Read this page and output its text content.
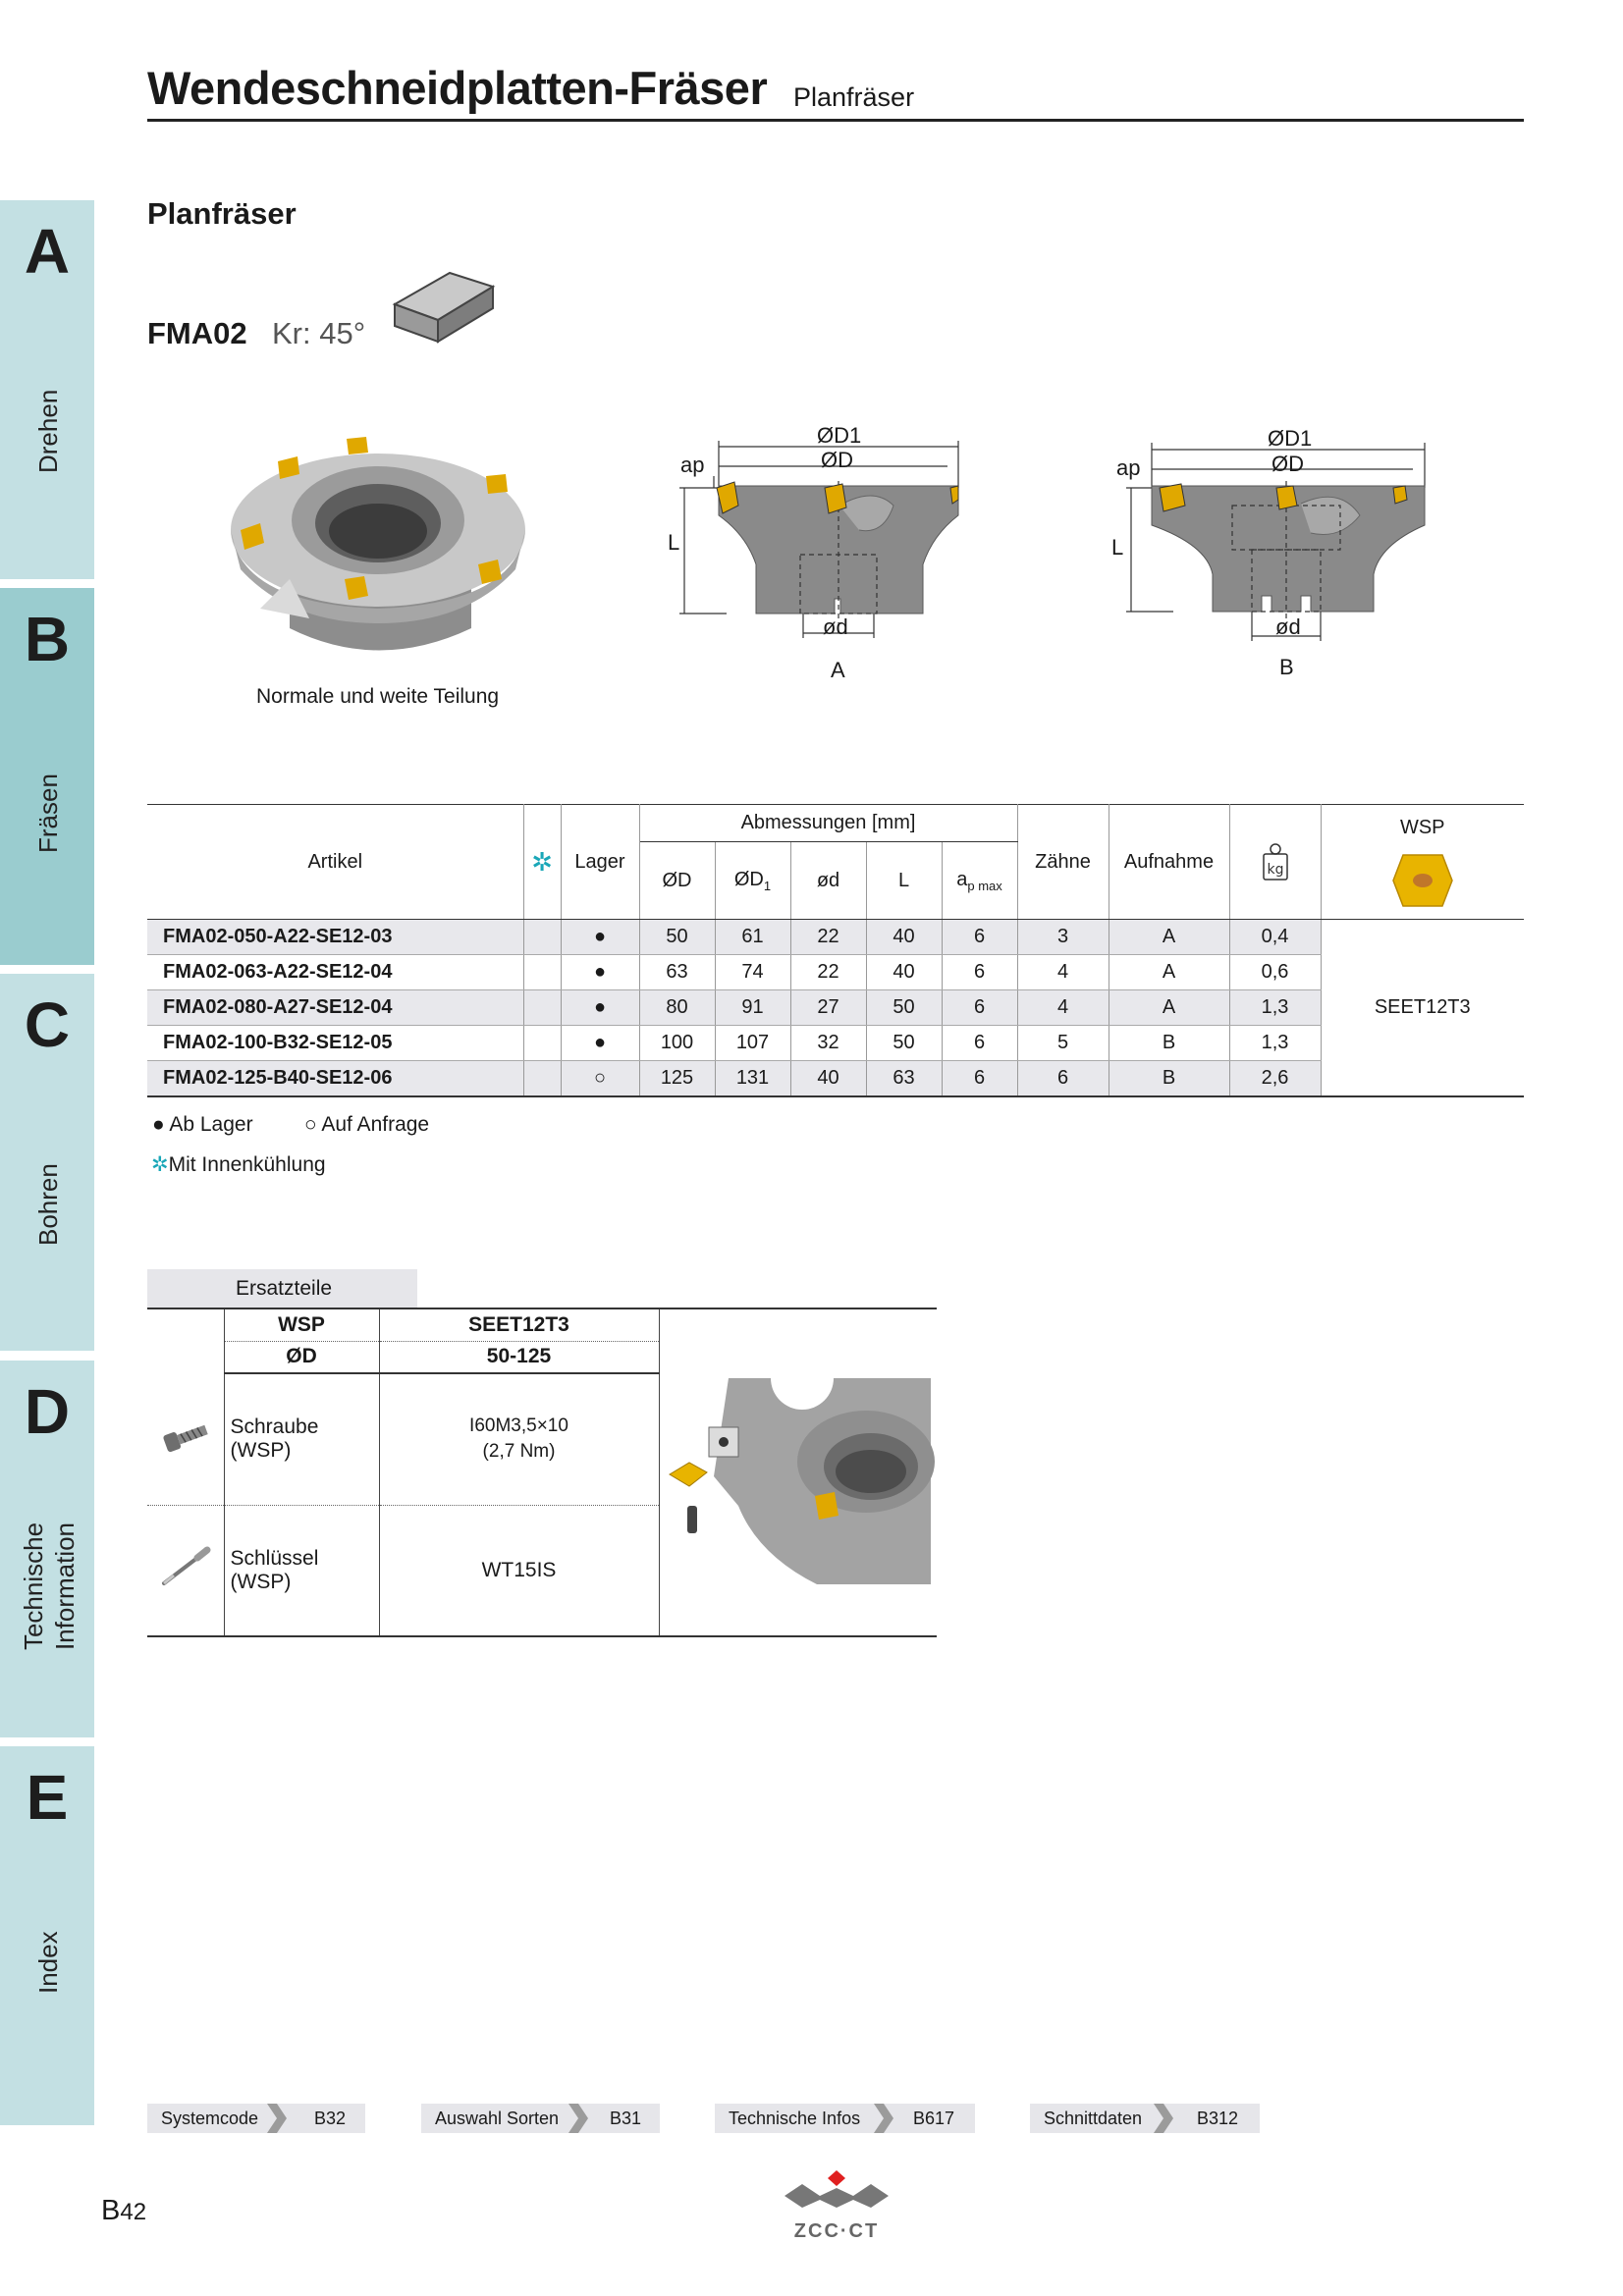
Wendeschneidplatten-Fräser Planfräser
A
Drehen
B
Fräsen
C
Bohren
D
Technische Information
E
Index
Planfräser
FMA02 Kr: 45°
Normale und weite Teilung
ØD1
ØD
ap
L
ød
A
ØD1
ØD
ap
L
ød
B
Artikel	✲	Lager	Abmessungen [mm]					Zähne	Aufnahme	kg	WSP

			ØD	$ØD_1$	ød	L	$a_{p max}$
FMA02-050-A22-SE12-03		●	50	61	22	40	6	3	A	0,4	SEET12T3
FMA02-063-A22-SE12-04		●	63	74	22	40	6	4	A	0,6	
FMA02-080-A27-SE12-04		●	80	91	27	50	6	4	A	1,3	
FMA02-100-B32-SE12-05		●	100	107	32	50	6	5	B	1,3	
FMA02-125-B40-SE12-06		○	125	131	40	63	6	6	B	2,6	
● Ab Lager ○ Auf Anfrage
✲Mit Innenkühlung
Ersatzteile
	WSP	SEET12T3	

	ØD	50-125	
	Schraube (WSP)	I60M3,5×10
(2,7 Nm)	

	Schlüssel (WSP)	WT15IS	
Systemcode	B32	Auswahl Sorten	B31	Technische Infos	B617	Schnittdaten	B312
B42
ZCC·CT
